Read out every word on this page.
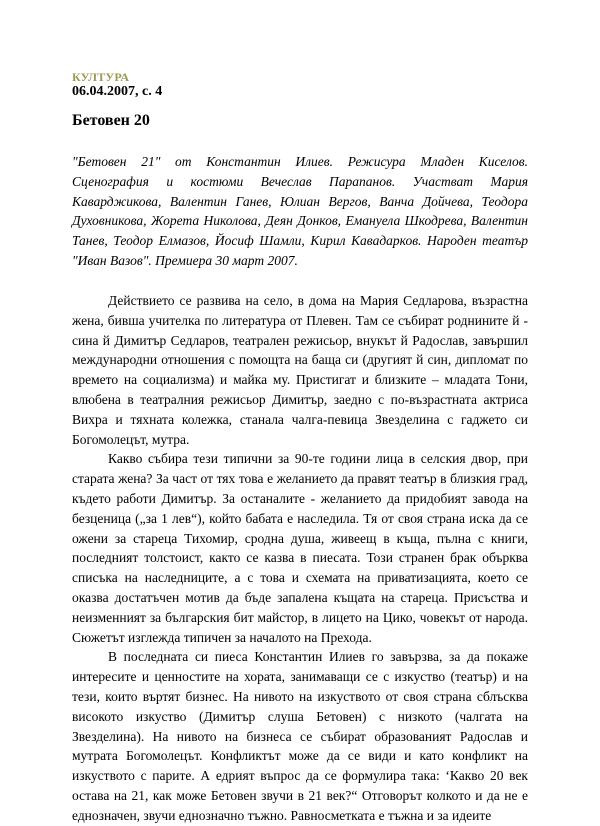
КУЛТУРА
06.04.2007, с. 4
Бетовен 20

"Бетовен 21" от Константин Илиев. Режисура Младен Киселов. Сценография и костюми Вечеслав Парапанов. Участват Мария Каварджикова, Валентин Ганев, Юлиан Вергов, Ванча Дойчева, Теодора Духовникова, Жорета Николова, Деян Донков, Емануела Шкодрева, Валентин Танев, Теодор Елмазов, Йосиф Шамли, Кирил Кавадарков. Народен театър "Иван Вазов". Премиера 30 март 2007.

Действието се развива на село, в дома на Мария Седларова, възрастна жена, бивша учителка по литература от Плевен. Там се събират роднините й - сина й Димитър Седларов, театрален режисьор, внукът й Радослав, завършил международни отношения с помощта на баща си (другият й син, дипломат по времето на социализма) и майка му. Пристигат и близките – младата Тони, влюбена в театралния режисьор Димитър, заедно с по-възрастната актриса Вихра и тяхната колежка, станала чалга-певица Звезделина с гаджето си Богомолецът, мутра.

Какво събира тези типични за 90-те години лица в селския двор, при старата жена? За част от тях това е желанието да правят театър в близкия град, където работи Димитър. За останалите - желанието да придобият завода на безценица („за 1 лев“), който бабата е наследила. Тя от своя страна иска да се ожени за стареца Тихомир, сродна душа, живеещ в къща, пълна с книги, последният толстоист, както се казва в пиесата. Този странен брак обърква списъка на наследниците, а с това и схемата на приватизацията, което се оказва достатъчен мотив да бъде запалена къщата на стареца. Присъства и неизменният за българския бит майстор, в лицето на Цико, човекът от народа. Сюжетът изглежда типичен за началото на Прехода.

В последната си пиеса Константин Илиев го завързва, за да покаже интересите и ценностите на хората, занимаващи се с изкуство (театър) и на тези, които въртят бизнес. На нивото на изкуството от своя страна сблъсква високото изкуство (Димитър слуша Бетовен) с низкото (чалгата на Звезделина). На нивото на бизнеса се събират образованият Радослав и мутрата Богомолецът. Конфликтът може да се види и като конфликт на изкуството с парите. А едрият въпрос да се формулира така: ‘Какво 20 век остава на 21, как може Бетовен звучи в 21 век?“ Отговорът колкото и да не е еднозначен, звучи еднозначно тъжно. Равносметката е тъжна и за идеите
